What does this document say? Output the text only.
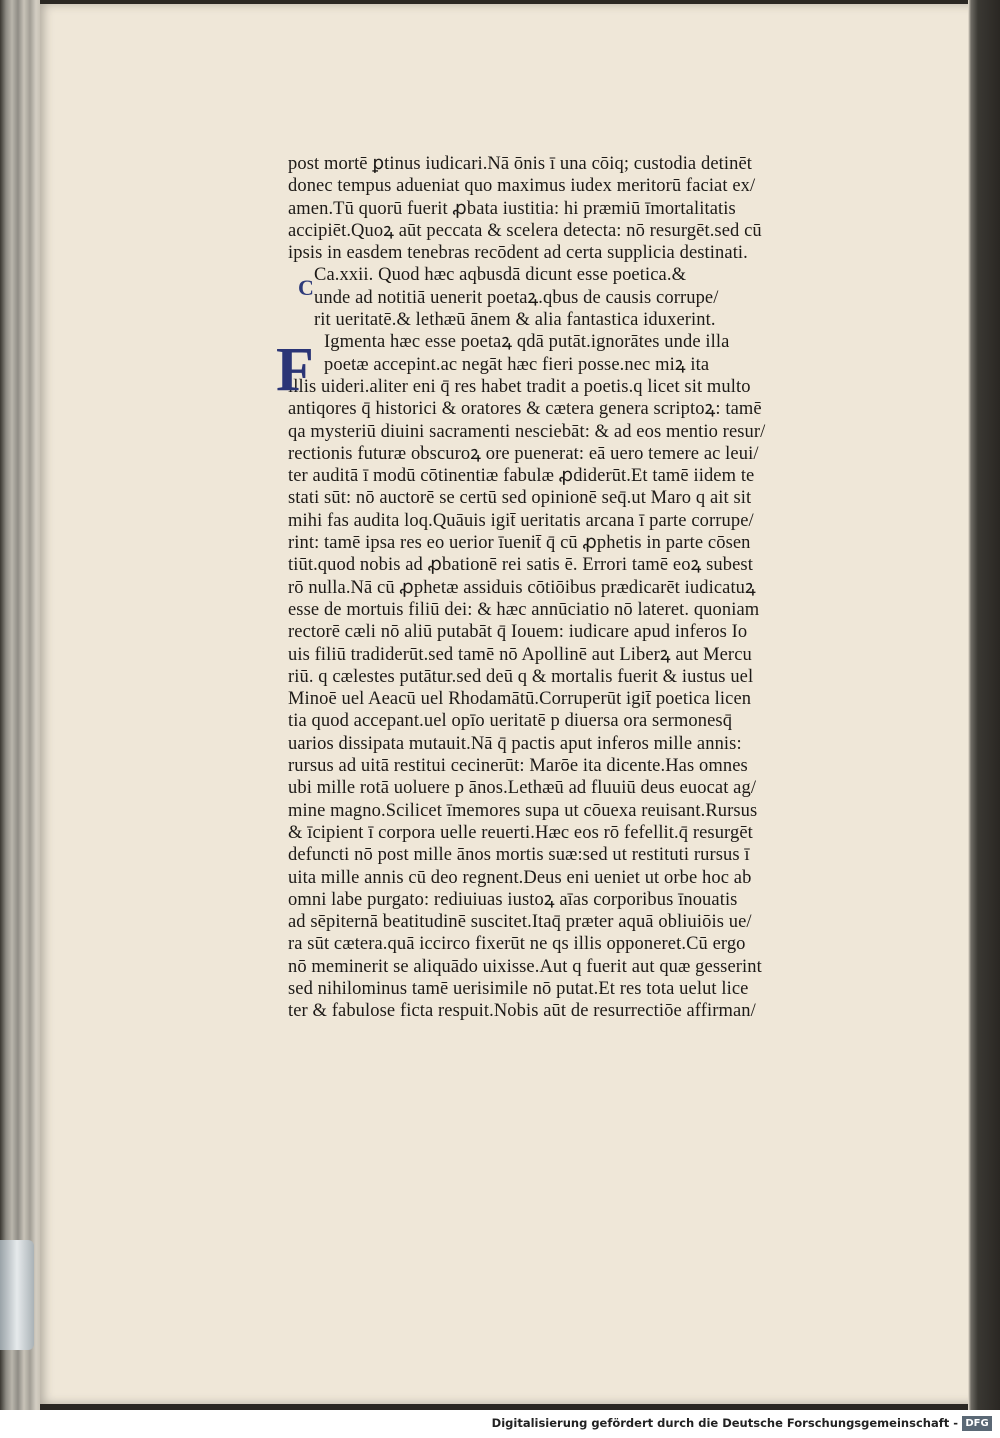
post mortē ꝑtinus iudicari.Nā ōnis ī una cōiq; custodia detinēt
donec tempus adueniat quo maximus iudex meritorū faciat ex/
amen.Tū quorū fuerit ꝓbata iustitia: hi præmiū īmortalitatis
accipiēt.Quoꝝ aūt peccata & scelera detecta: nō resurgēt.sed cū
ipsis in easdem tenebras recōdent ad certa supplicia destinati.
Ca.xxii. Quod hæc aqbusdā dicunt esse poetica.&
unde ad notitiā uenerit poetaꝝ.qbus de causis corrupe/
rit ueritatē.& lethæū ānem & alia fantastica iduxerint.
Igmenta hæc esse poetaꝝ qdā putāt.ignorātes unde illa
poetæ accepint.ac negāt hæc fieri posse.nec miꝝ ita
illis uideri.aliter eni q̄ res habet tradit a poetis.q licet sit multo
antiqores q̄ historici & oratores & cætera genera scriptoꝝ: tamē
qa mysteriū diuini sacramenti nesciebāt: & ad eos mentio resur/
rectionis futuræ obscuroꝝ ore puenerat: eā uero temere ac leui/
ter auditā ī modū cōtinentiæ fabulæ ꝓdiderūt.Et tamē iidem te
stati sūt: nō auctorē se certū sed opinionē seq̄.ut Maro q ait sit
mihi fas audita loq.Quāuis igit̄ ueritatis arcana ī parte corrupe/
rint: tamē ipsa res eo uerior īuenit̄ q̄ cū ꝓphetis in parte cōsen
tiūt.quod nobis ad ꝓbationē rei satis ē. Errori tamē eoꝝ subest
rō nulla.Nā cū ꝓphetæ assiduis cōtiōibus prædicarēt iudicatuꝝ
esse de mortuis filiū dei: & hæc annūciatio nō lateret. quoniam
rectorē cæli nō aliū putabāt q̄ Iouem: iudicare apud inferos Io
uis filiū tradiderūt.sed tamē nō Apollinē aut Liberꝝ aut Mercu
riū. q cælestes putātur.sed deū q & mortalis fuerit & iustus uel
Minoē uel Aeacū uel Rhodamātū.Corruperūt igit̄ poetica licen
tia quod accepant.uel opīo ueritatē p diuersa ora sermonesq̄
uarios dissipata mutauit.Nā q̄ pactis aput inferos mille annis:
rursus ad uitā restitui cecinerūt: Marōe ita dicente.Has omnes
ubi mille rotā uoluere p ānos.Lethæū ad fluuiū deus euocat ag/
mine magno.Scilicet īmemores supa ut cōuexa reuisant.Rursus
& īcipient ī corpora uelle reuerti.Hæc eos rō fefellit.q̄ resurgēt
defuncti nō post mille ānos mortis suæ:sed ut restituti rursus ī
uita mille annis cū deo regnent.Deus eni ueniet ut orbe hoc ab
omni labe purgato: rediuiuas iustoꝝ aīas corporibus īnouatis
ad sēpiternā beatitudinē suscitet.Itaq̄ præter aquā obliuiōis ue/
ra sūt cætera.quā iccirco fixerūt ne qs illis opponeret.Cū ergo
nō meminerit se aliquādo uixisse.Aut q fuerit aut quæ gesserint
sed nihilominus tamē uerisimile nō putat.Et res tota uelut lice
ter & fabulose ficta respuit.Nobis aūt de resurrectiōe affirman/
C
F
Digitalisierung gefördert durch die Deutsche Forschungsgemeinschaft - DFG
